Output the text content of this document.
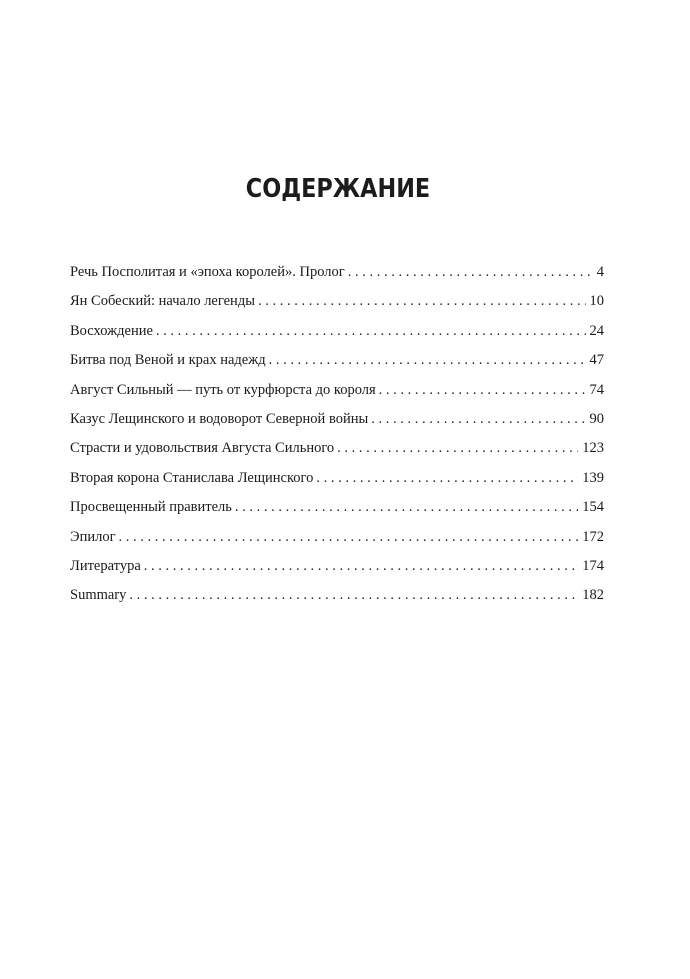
СОДЕРЖАНИЕ
Речь Посполитая и «эпоха королей». Пролог . . .	4
Ян Собеский: начало легенды . . .	10
Восхождение . . .	24
Битва под Веной и крах надежд . . .	47
Август Сильный — путь от курфюрста до короля . . .	74
Казус Лещинского и водоворот Северной войны . . .	90
Страсти и удовольствия Августа Сильного . . .	123
Вторая корона Станислава Лещинского . . .	139
Просвещенный правитель . . .	154
Эпилог . . .	172
Литература . . .	174
Summary . . .	182
